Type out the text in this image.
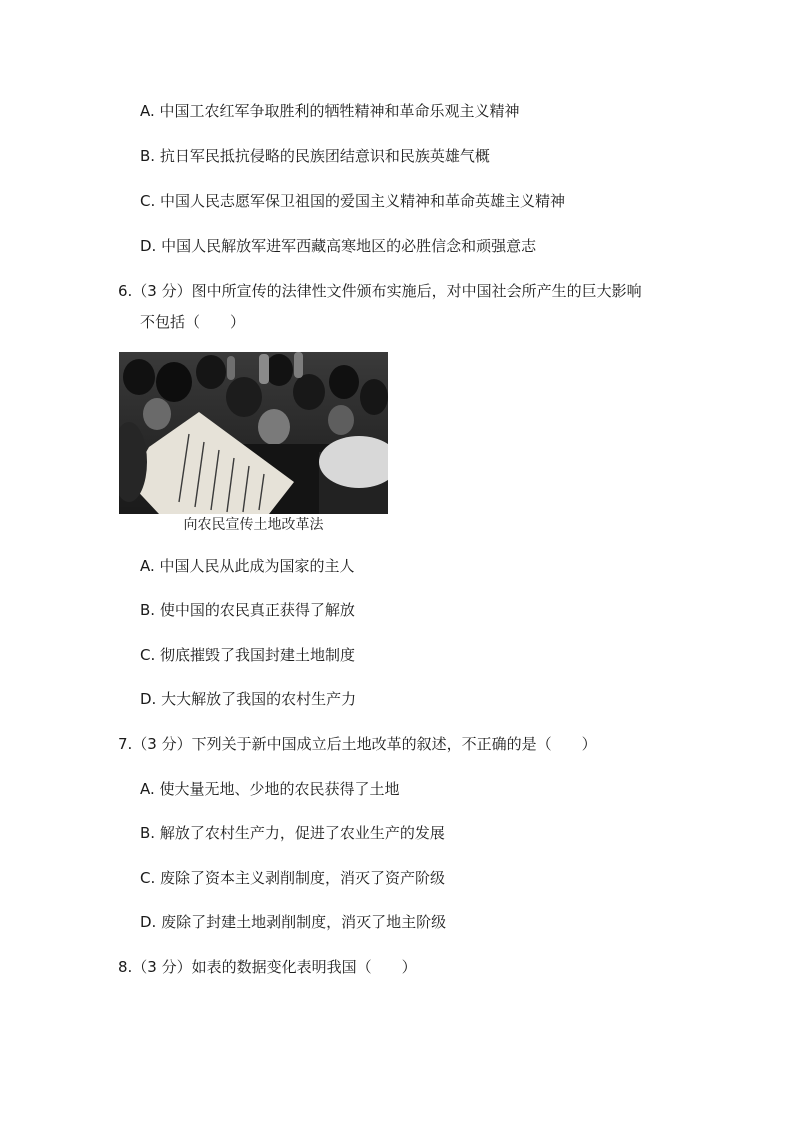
A. 中国工农红军争取胜利的牺牲精神和革命乐观主义精神
B. 抗日军民抵抗侵略的民族团结意识和民族英雄气概
C. 中国人民志愿军保卫祖国的爱国主义精神和革命英雄主义精神
D. 中国人民解放军进军西藏高寒地区的必胜信念和顽强意志
6.（3 分）图中所宣传的法律性文件颁布实施后，对中国社会所产生的巨大影响
不包括（　　）
向农民宣传土地改革法
A. 中国人民从此成为国家的主人
B. 使中国的农民真正获得了解放
C. 彻底摧毁了我国封建土地制度
D. 大大解放了我国的农村生产力
7.（3 分）下列关于新中国成立后土地改革的叙述，不正确的是（　　）
A. 使大量无地、少地的农民获得了土地
B. 解放了农村生产力，促进了农业生产的发展
C. 废除了资本主义剥削制度，消灭了资产阶级
D. 废除了封建土地剥削制度，消灭了地主阶级
8.（3 分）如表的数据变化表明我国（　　）
